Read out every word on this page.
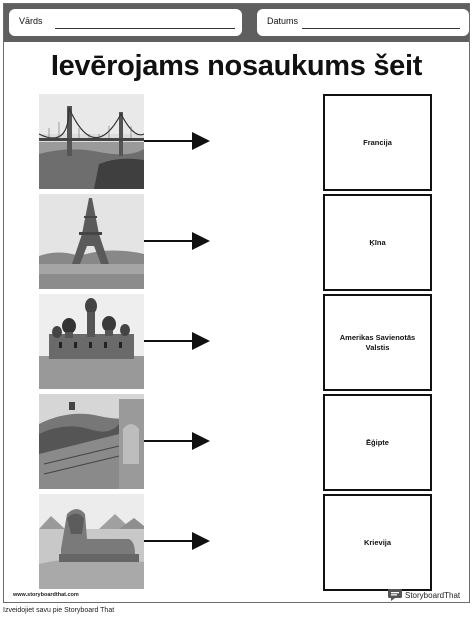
Vārds	Datums
Ievērojams nosaukums šeit
Francija
Ķīna
Amerikas Savienotās Valstis
Ēģipte
Krievija
www.storyboardthat.com	StoryboardThat
Izveidojiet savu pie Storyboard That
